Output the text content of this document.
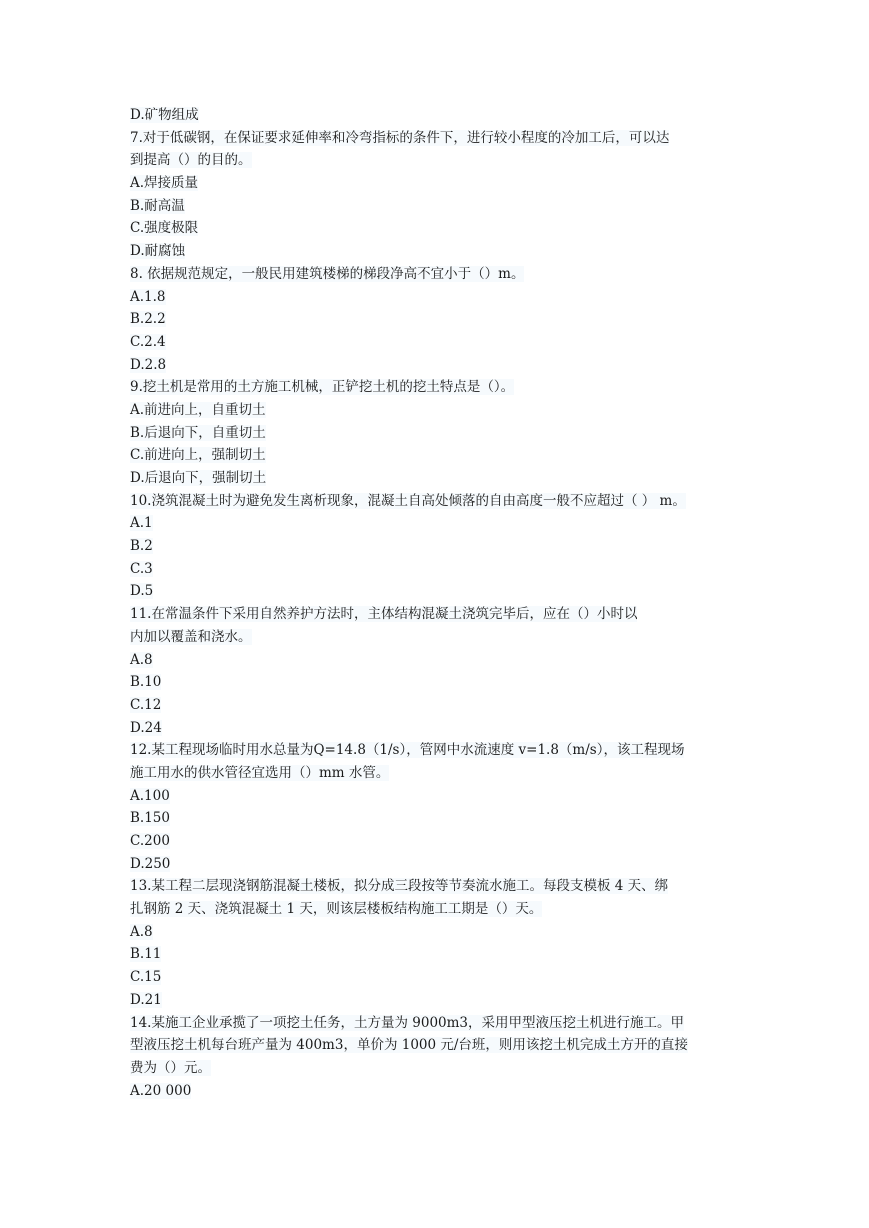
D.矿物组成
7.对于低碳钢，在保证要求延伸率和冷弯指标的条件下，进行较小程度的冷加工后，可以达
到提高（）的目的。
A.焊接质量
B.耐高温
C.强度极限
D.耐腐蚀
8. 依据规范规定，一般民用建筑楼梯的梯段净高不宜小于（）m。
A.1.8
B.2.2
C.2.4
D.2.8
9.挖土机是常用的土方施工机械，正铲挖土机的挖土特点是（）。
A.前进向上，自重切土
B.后退向下，自重切土
C.前进向上，强制切土
D.后退向下，强制切土
10.浇筑混凝土时为避免发生离析现象，混凝土自高处倾落的自由高度一般不应超过（ ） m。
A.1
B.2
C.3
D.5
11.在常温条件下采用自然养护方法时，主体结构混凝土浇筑完毕后，应在（）小时以
内加以覆盖和浇水。
A.8
B.10
C.12
D.24
12.某工程现场临时用水总量为Q=14.8（1/s），管网中水流速度 v=1.8（m/s），该工程现场
施工用水的供水管径宜选用（）mm 水管。
A.100
B.150
C.200
D.250
13.某工程二层现浇钢筋混凝土楼板，拟分成三段按等节奏流水施工。每段支模板 4 天、绑
扎钢筋 2 天、浇筑混凝土 1 天，则该层楼板结构施工工期是（）天。
A.8
B.11
C.15
D.21
14.某施工企业承揽了一项挖土任务，土方量为 9000m3，采用甲型液压挖土机进行施工。甲
型液压挖土机每台班产量为 400m3，单价为 1000 元/台班，则用该挖土机完成土方开的直接
费为（）元。
A.20 000
